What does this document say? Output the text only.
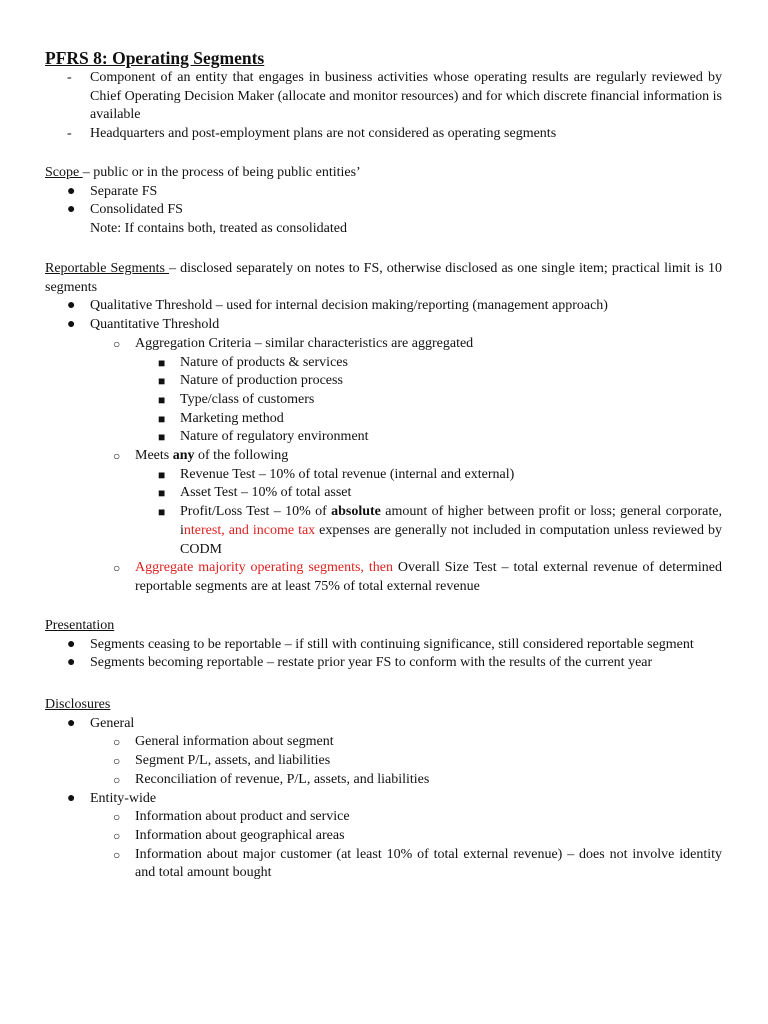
PFRS 8: Operating Segments
- Component of an entity that engages in business activities whose operating results are regularly reviewed by Chief Operating Decision Maker (allocate and monitor resources) and for which discrete financial information is available
- Headquarters and post-employment plans are not considered as operating segments
Scope – public or in the process of being public entities’
● Separate FS
● Consolidated FS
Note: If contains both, treated as consolidated
Reportable Segments – disclosed separately on notes to FS, otherwise disclosed as one single item; practical limit is 10 segments
● Qualitative Threshold – used for internal decision making/reporting (management approach)
● Quantitative Threshold
○ Aggregation Criteria – similar characteristics are aggregated
■ Nature of products & services
■ Nature of production process
■ Type/class of customers
■ Marketing method
■ Nature of regulatory environment
○ Meets any of the following
■ Revenue Test – 10% of total revenue (internal and external)
■ Asset Test – 10% of total asset
■ Profit/Loss Test – 10% of absolute amount of higher between profit or loss; general corporate, interest, and income tax expenses are generally not included in computation unless reviewed by CODM
○ Aggregate majority operating segments, then Overall Size Test – total external revenue of determined reportable segments are at least 75% of total external revenue
Presentation
● Segments ceasing to be reportable – if still with continuing significance, still considered reportable segment
● Segments becoming reportable – restate prior year FS to conform with the results of the current year
Disclosures
● General
○ General information about segment
○ Segment P/L, assets, and liabilities
○ Reconciliation of revenue, P/L, assets, and liabilities
● Entity-wide
○ Information about product and service
○ Information about geographical areas
○ Information about major customer (at least 10% of total external revenue) – does not involve identity and total amount bought
